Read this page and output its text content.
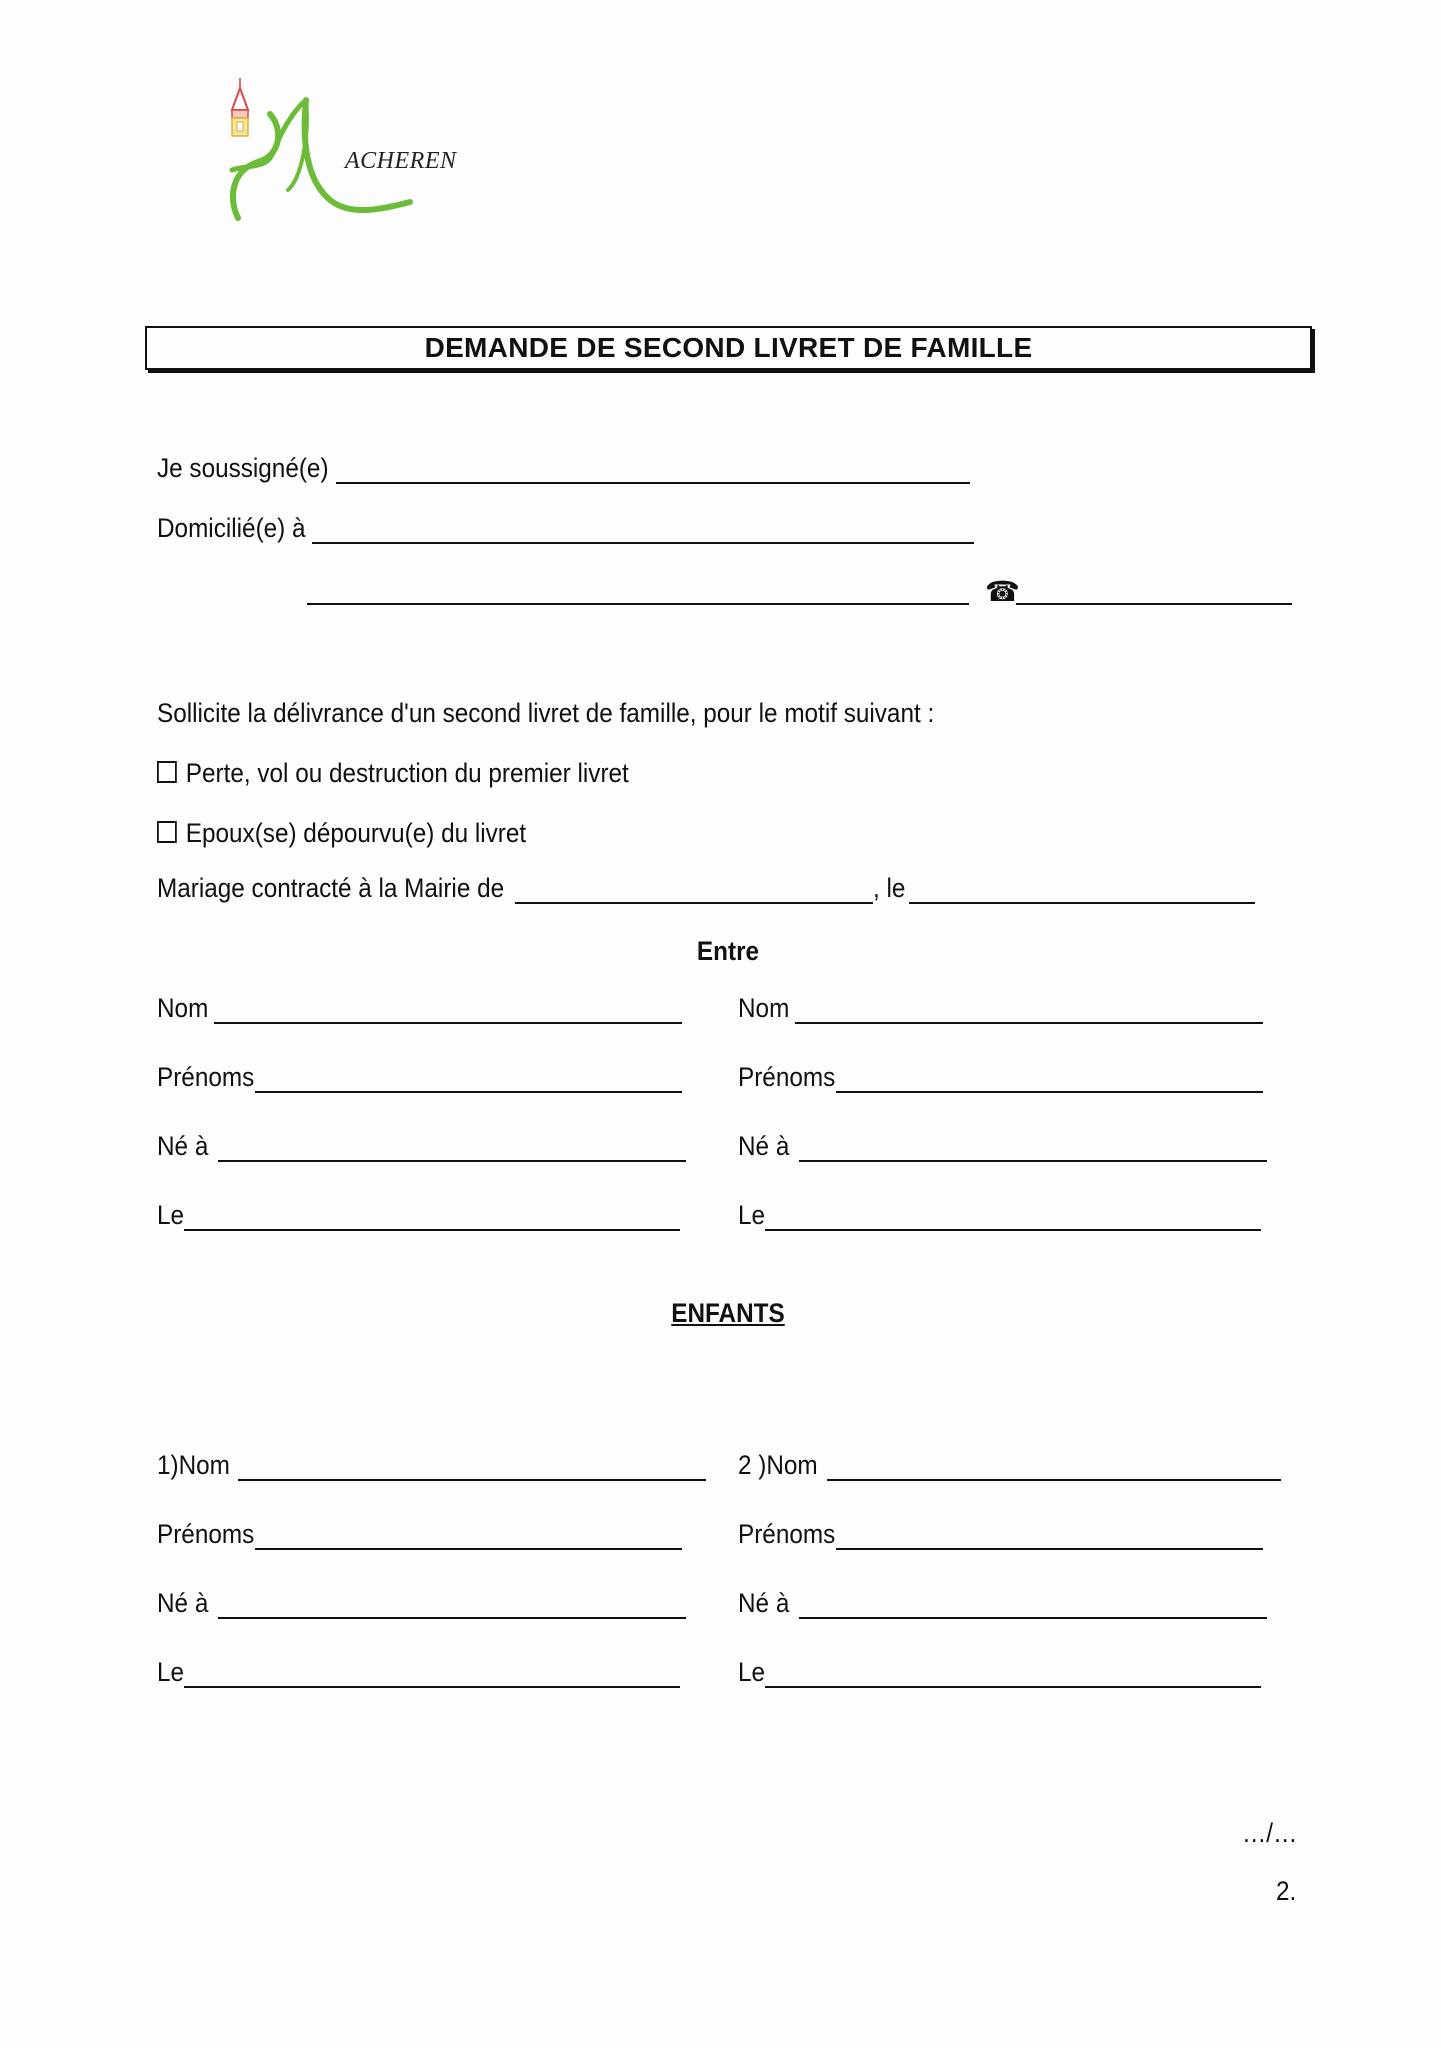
ACHEREN
DEMANDE DE SECOND LIVRET DE FAMILLE
Je soussigné(e)
Domicilié(e) à
☎
Sollicite la délivrance d'un second livret de famille, pour le motif suivant :
Perte, vol ou destruction du premier livret
Epoux(se) dépourvu(e) du livret
Mariage contracté à la Mairie de	, le
Entre
Nom
Prénoms
Né à
Le
Nom
Prénoms
Né à
Le
ENFANTS
1)Nom
Prénoms
Né à
Le
2 )Nom
Prénoms
Né à
Le
…/…
2.
